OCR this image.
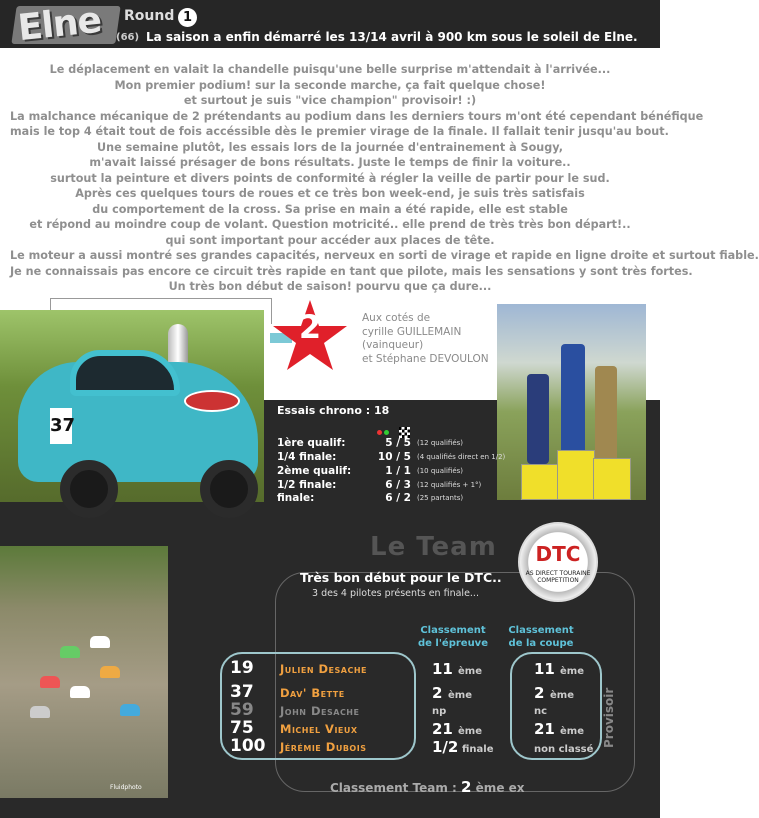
Elne Round 1
(66) La saison a enfin démarré les 13/14 avril à 900 km sous le soleil de Elne.

Le déplacement en valait la chandelle puisqu'une belle surprise m'attendait à l'arrivée...

Mon premier podium! sur la seconde marche, ça fait quelque chose!

et surtout je suis "vice champion" provisoir! :)

La malchance mécanique de 2 prétendants au podium dans les derniers tours m'ont été cependant bénéfique

mais le top 4 était tout de fois accéssible dès le premier virage de la finale. Il fallait tenir jusqu'au bout.

Une semaine plutôt, les essais lors de la journée d'entrainement à Sougy,

m'avait laissé présager de bons résultats. Juste le temps de finir la voiture..

surtout la peinture et divers points de conformité à régler la veille de partir pour le sud.

Après ces quelques tours de roues et ce très bon week-end, je suis très satisfais

du comportement de la cross. Sa prise en main a été rapide, elle est stable

et répond au moindre coup de volant. Question motricité.. elle prend de très très bon départ!..

qui sont important pour accéder aux places de tête.

Le moteur a aussi montré ses grandes capacités, nerveux en sorti de virage et rapide en ligne droite et surtout fiable.

Je ne connaissais pas encore ce circuit très rapide en tant que pilote, mais les sensations y sont très fortes.

Un très bon début de saison! pourvu que ça dure...

37
2	Aux cotés de
cyrille GUILLEMAIN
(vainqueur)
et Stéphane DEVOULON
Essais chrono : 18
1ère qualif:	5 / 5 (12 qualifiés)
1/4 finale:	10 / 5 (4 qualifiés direct en 1/2)
2ème qualif:	1 / 1 (10 qualifiés)
1/2 finale:	6 / 3 (12 qualifiés + 1°)
finale:	6 / 2 (25 partants)
Fluidphoto
Le Team	DTC
AS DIRECT TOURAINE COMPETITION
Très bon début pour le DTC..
3 des 4 pilotes présents en finale...
Classement
de l'épreuve
Classement
de la coupe
19	Julien Desache	11 ème	11 ème
37	Dav' Bette	2 ème	2 ème
59	John Desache	np	nc
75	Michel Vieux	21 ème	21 ème
100	Jérémie Dubois	1/2 finale	non classé
Provisoir
Classement Team : 2 ème ex
